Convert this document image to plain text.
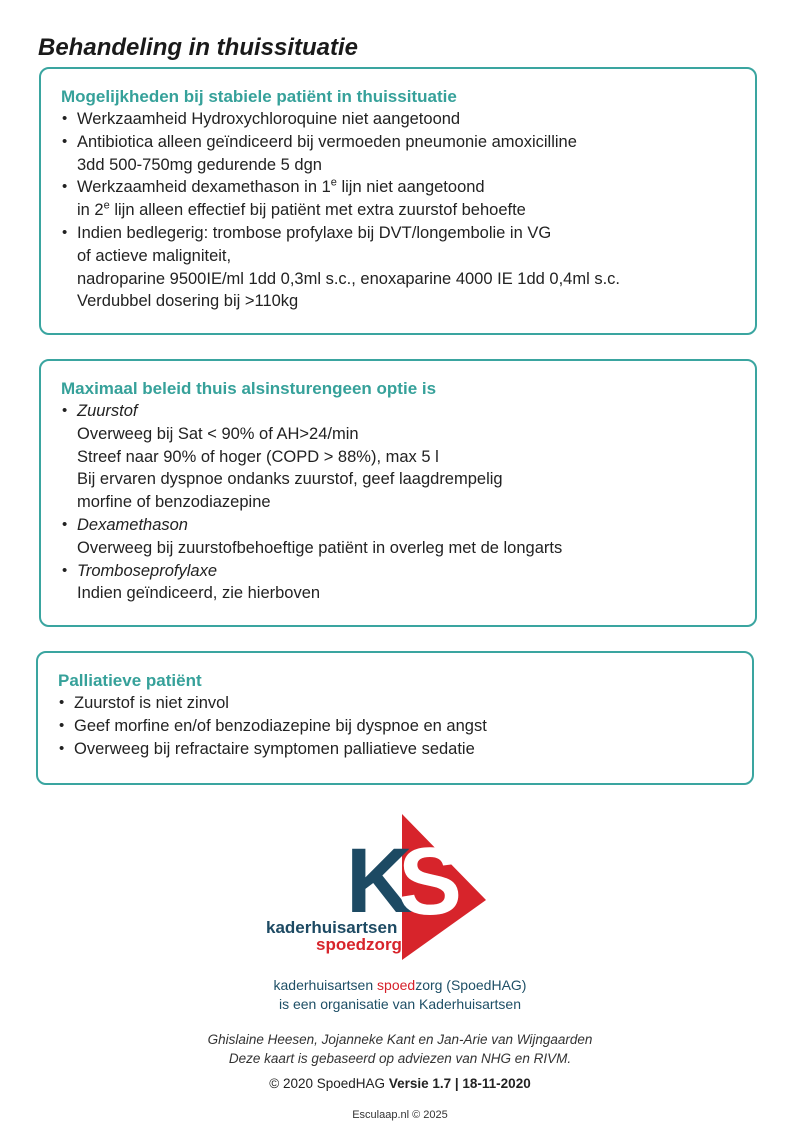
Behandeling in thuissituatie
Mogelijkheden bij stabiele patiënt in thuissituatie
• Werkzaamheid Hydroxychloroquine niet aangetoond
• Antibiotica alleen geïndiceerd bij vermoeden pneumonie amoxicilline
3dd 500-750mg gedurende 5 dgn
• Werkzaamheid dexamethason in 1e lijn niet aangetoond
in 2e lijn alleen effectief bij patiënt met extra zuurstof behoefte
• Indien bedlegerig: trombose profylaxe bij DVT/longembolie in VG
of actieve maligniteit,
nadroparine 9500IE/ml 1dd 0,3ml s.c., enoxaparine 4000 IE 1dd 0,4ml s.c.
Verdubbel dosering bij >110kg
Maximaal beleid thuis alsinsturengeen optie is
• Zuurstof
Overweeg bij Sat < 90% of AH>24/min
Streef naar 90% of hoger (COPD > 88%), max 5 l
Bij ervaren dyspnoe ondanks zuurstof, geef laagdrempelig
morfine of benzodiazepine
• Dexamethason
Overweeg bij zuurstofbehoeftige patiënt in overleg met de longarts
• Tromboseprofylaxe
Indien geïndiceerd, zie hierboven
Palliatieve patiënt
• Zuurstof is niet zinvol
• Geef morfine en/of benzodiazepine bij dyspnoe en angst
• Overweeg bij refractaire symptomen palliatieve sedatie
K
S
kaderhuisartsen
spoedzorg
kaderhuisartsen spoedzorg (SpoedHAG)
is een organisatie van Kaderhuisartsen
Ghislaine Heesen, Jojanneke Kant en Jan-Arie van Wijngaarden
Deze kaart is gebaseerd op adviezen van NHG en RIVM.
© 2020 SpoedHAG Versie 1.7 | 18-11-2020
Esculaap.nl © 2025
